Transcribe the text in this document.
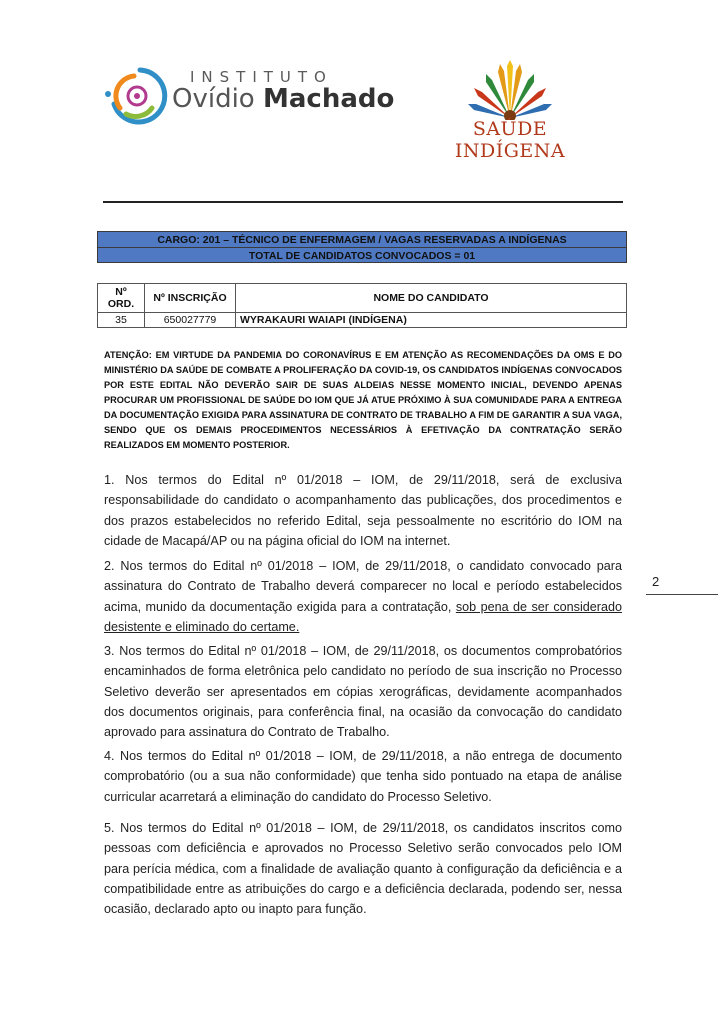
INSTITUTO
Ovídio Machado
SAÚDE INDÍGENA
CARGO: 201 – TÉCNICO DE ENFERMAGEM / VAGAS RESERVADAS A INDÍGENAS
TOTAL DE CANDIDATOS CONVOCADOS = 01
Nº ORD.	Nº INSCRIÇÃO	NOME DO CANDIDATO
35	650027779	WYRAKAURI WAIAPI (INDÍGENA)
ATENÇÃO: EM VIRTUDE DA PANDEMIA DO CORONAVÍRUS E EM ATENÇÃO AS RECOMENDAÇÕES DA OMS E DO MINISTÉRIO DA SAÚDE DE COMBATE A PROLIFERAÇÃO DA COVID-19, OS CANDIDATOS INDÍGENAS CONVOCADOS POR ESTE EDITAL NÃO DEVERÃO SAIR DE SUAS ALDEIAS NESSE MOMENTO INICIAL, DEVENDO APENAS PROCURAR UM PROFISSIONAL DE SAÚDE DO IOM QUE JÁ ATUE PRÓXIMO À SUA COMUNIDADE PARA A ENTREGA DA DOCUMENTAÇÃO EXIGIDA PARA ASSINATURA DE CONTRATO DE TRABALHO A FIM DE GARANTIR A SUA VAGA, SENDO QUE OS DEMAIS PROCEDIMENTOS NECESSÁRIOS À EFETIVAÇÃO DA CONTRATAÇÃO SERÃO REALIZADOS EM MOMENTO POSTERIOR.
1. Nos termos do Edital nº 01/2018 – IOM, de 29/11/2018, será de exclusiva responsabilidade do candidato o acompanhamento das publicações, dos procedimentos e dos prazos estabelecidos no referido Edital, seja pessoalmente no escritório do IOM na cidade de Macapá/AP ou na página oficial do IOM na internet.
2. Nos termos do Edital nº 01/2018 – IOM, de 29/11/2018, o candidato convocado para assinatura do Contrato de Trabalho deverá comparecer no local e período estabelecidos acima, munido da documentação exigida para a contratação, sob pena de ser considerado desistente e eliminado do certame.
3. Nos termos do Edital nº 01/2018 – IOM, de 29/11/2018, os documentos comprobatórios encaminhados de forma eletrônica pelo candidato no período de sua inscrição no Processo Seletivo deverão ser apresentados em cópias xerográficas, devidamente acompanhados dos documentos originais, para conferência final, na ocasião da convocação do candidato aprovado para assinatura do Contrato de Trabalho.
4. Nos termos do Edital nº 01/2018 – IOM, de 29/11/2018, a não entrega de documento comprobatório (ou a sua não conformidade) que tenha sido pontuado na etapa de análise curricular acarretará a eliminação do candidato do Processo Seletivo.
5. Nos termos do Edital nº 01/2018 – IOM, de 29/11/2018, os candidatos inscritos como pessoas com deficiência e aprovados no Processo Seletivo serão convocados pelo IOM para perícia médica, com a finalidade de avaliação quanto à configuração da deficiência e a compatibilidade entre as atribuições do cargo e a deficiência declarada, podendo ser, nessa ocasião, declarado apto ou inapto para função.
2
